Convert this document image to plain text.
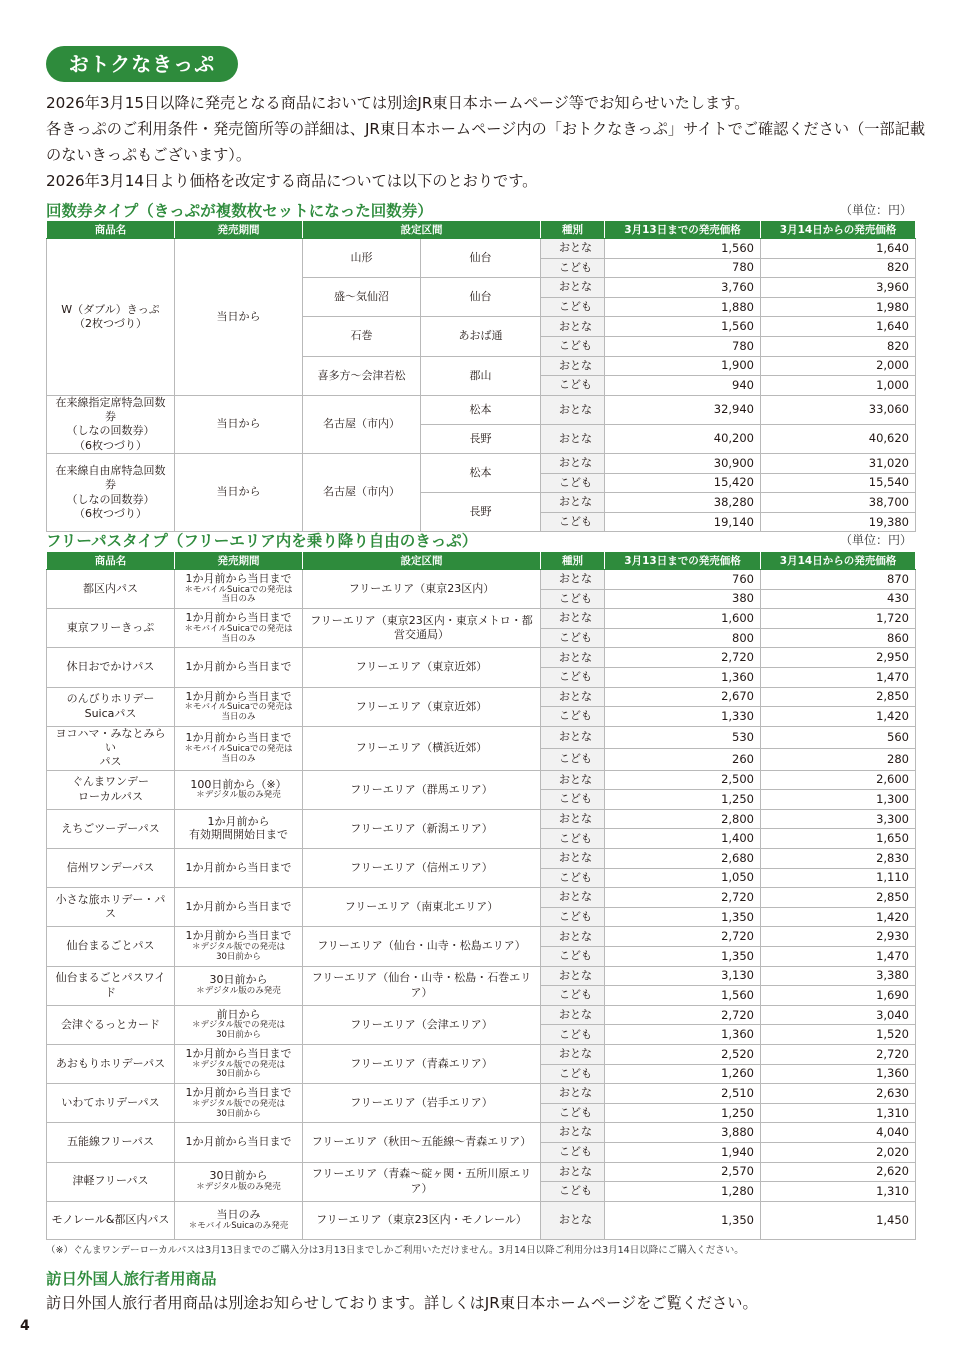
おトクなきっぷ

2026年3月15日以降に発売となる商品においては別途JR東日本ホームページ等でお知らせいたします。

各きっぷのご利用条件・発売箇所等の詳細は、JR東日本ホームページ内の「おトクなきっぷ」サイトでご確認ください（一部記載

のないきっぷもございます）。

2026年3月14日より価格を改定する商品については以下のとおりです。

回数券タイプ（きっぷが複数枚セットになった回数券）	（単位：円）
商品名	発売期間	設定区間		種別	3月13日までの発売価格	3月14日からの発売価格
W（ダブル）きっぷ
（2枚つづり）	当日から	山形	仙台	おとな	1,560	1,640
				こども	780	820
		盛〜気仙沼	仙台	おとな	3,760	3,960
				こども	1,880	1,980
		石巻	あおば通	おとな	1,560	1,640
				こども	780	820
		喜多方〜会津若松	郡山	おとな	1,900	2,000
				こども	940	1,000
在来線指定席特急回数券
（しなの回数券）
（6枚つづり）	当日から	名古屋（市内）	松本	おとな	32,940	33,060
			長野	おとな	40,200	40,620
在来線自由席特急回数券
（しなの回数券）
（6枚つづり）	当日から	名古屋（市内）	松本	おとな	30,900	31,020
				こども	15,420	15,540
			長野	おとな	38,280	38,700
				こども	19,140	19,380
フリーパスタイプ（フリーエリア内を乗り降り自由のきっぷ）	（単位：円）
商品名	発売期間	設定区間	種別	3月13日までの発売価格	3月14日からの発売価格
都区内パス	1か月前から当日まで
＊モバイルSuicaでの発売は
当日のみ	フリーエリア（東京23区内）	おとな	760	870
			こども	380	430
東京フリーきっぷ	1か月前から当日まで
＊モバイルSuicaでの発売は
当日のみ	フリーエリア（東京23区内・東京メトロ・都営交通局）	おとな	1,600	1,720
			こども	800	860
休日おでかけパス	1か月前から当日まで	フリーエリア（東京近郊）	おとな	2,720	2,950
			こども	1,360	1,470
のんびりホリデー
Suicaパス	1か月前から当日まで
＊モバイルSuicaでの発売は
当日のみ	フリーエリア（東京近郊）	おとな	2,670	2,850
			こども	1,330	1,420
ヨコハマ・みなとみらい
パス	1か月前から当日まで
＊モバイルSuicaでの発売は
当日のみ	フリーエリア（横浜近郊）	おとな	530	560
			こども	260	280
ぐんまワンデー
ローカルパス	100日前から（※）
＊デジタル版のみ発売	フリーエリア（群馬エリア）	おとな	2,500	2,600
			こども	1,250	1,300
えちごツーデーパス	1か月前から
有効期間開始日まで	フリーエリア（新潟エリア）	おとな	2,800	3,300
			こども	1,400	1,650
信州ワンデーパス	1か月前から当日まで	フリーエリア（信州エリア）	おとな	2,680	2,830
			こども	1,050	1,110
小さな旅ホリデー・パス	1か月前から当日まで	フリーエリア（南東北エリア）	おとな	2,720	2,850
			こども	1,350	1,420
仙台まるごとパス	1か月前から当日まで
＊デジタル版での発売は
30日前から	フリーエリア（仙台・山寺・松島エリア）	おとな	2,720	2,930
			こども	1,350	1,470
仙台まるごとパスワイド	30日前から
＊デジタル版のみ発売	フリーエリア（仙台・山寺・松島・石巻エリア）	おとな	3,130	3,380
			こども	1,560	1,690
会津ぐるっとカード	前日から
＊デジタル版での発売は
30日前から	フリーエリア（会津エリア）	おとな	2,720	3,040
			こども	1,360	1,520
あおもりホリデーパス	1か月前から当日まで
＊デジタル版での発売は
30日前から	フリーエリア（青森エリア）	おとな	2,520	2,720
			こども	1,260	1,360
いわてホリデーパス	1か月前から当日まで
＊デジタル版での発売は
30日前から	フリーエリア（岩手エリア）	おとな	2,510	2,630
			こども	1,250	1,310
五能線フリーパス	1か月前から当日まで	フリーエリア（秋田〜五能線〜青森エリア）	おとな	3,880	4,040
			こども	1,940	2,020
津軽フリーパス	30日前から
＊デジタル版のみ発売	フリーエリア（青森〜碇ヶ関・五所川原エリア）	おとな	2,570	2,620
			こども	1,280	1,310
モノレール&都区内パス	当日のみ
＊モバイルSuicaのみ発売	フリーエリア（東京23区内・モノレール）	おとな	1,350	1,450
（※）ぐんまワンデーローカルパスは3月13日までのご購入分は3月13日までしかご利用いただけません。3月14日以降ご利用分は3月14日以降にご購入ください。
訪日外国人旅行者用商品
訪日外国人旅行者用商品は別途お知らせしております。詳しくはJR東日本ホームページをご覧ください。
4
